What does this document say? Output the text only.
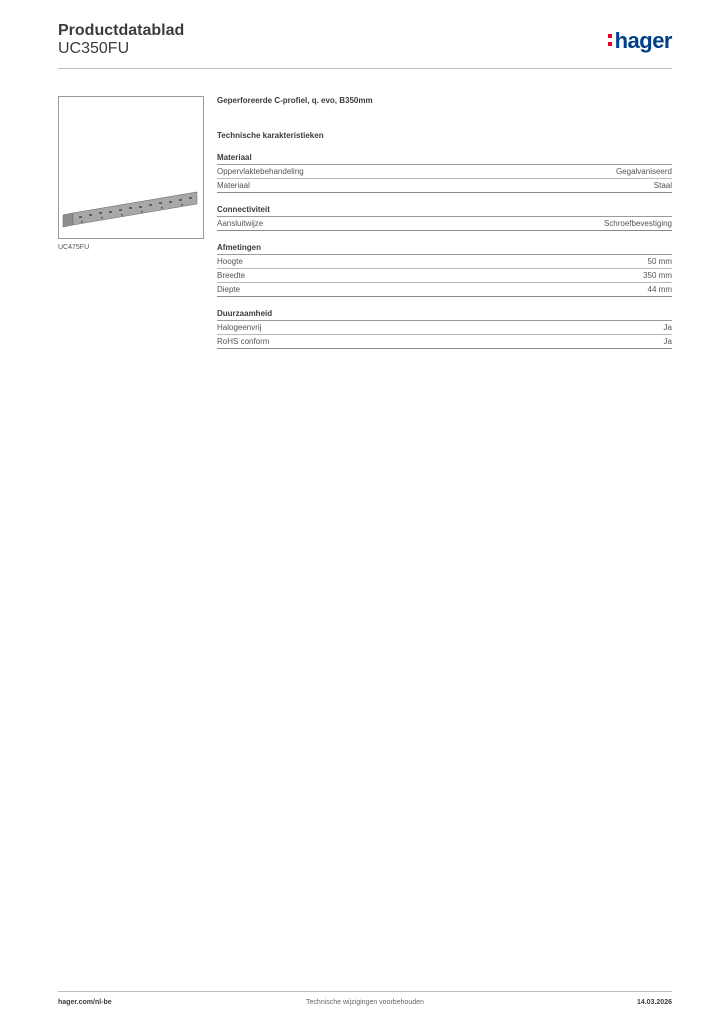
Productdatablad
UC350FU	hager
UC475FU
Geperforeerde C-profiel, q. evo, B350mm
Technische karakteristieken
Materiaal
Oppervlaktebehandeling	Gegalvaniseerd
Materiaal	Staal
Connectiviteit
Aansluitwijze	Schroefbevestiging
Afmetingen
Hoogte	50 mm
Breedte	350 mm
Diepte	44 mm
Duurzaamheid
Halogeenvrij	Ja
RoHS conform	Ja
Technische wijzigingen voorbehouden
hager.com/nl-be	14.03.2026
